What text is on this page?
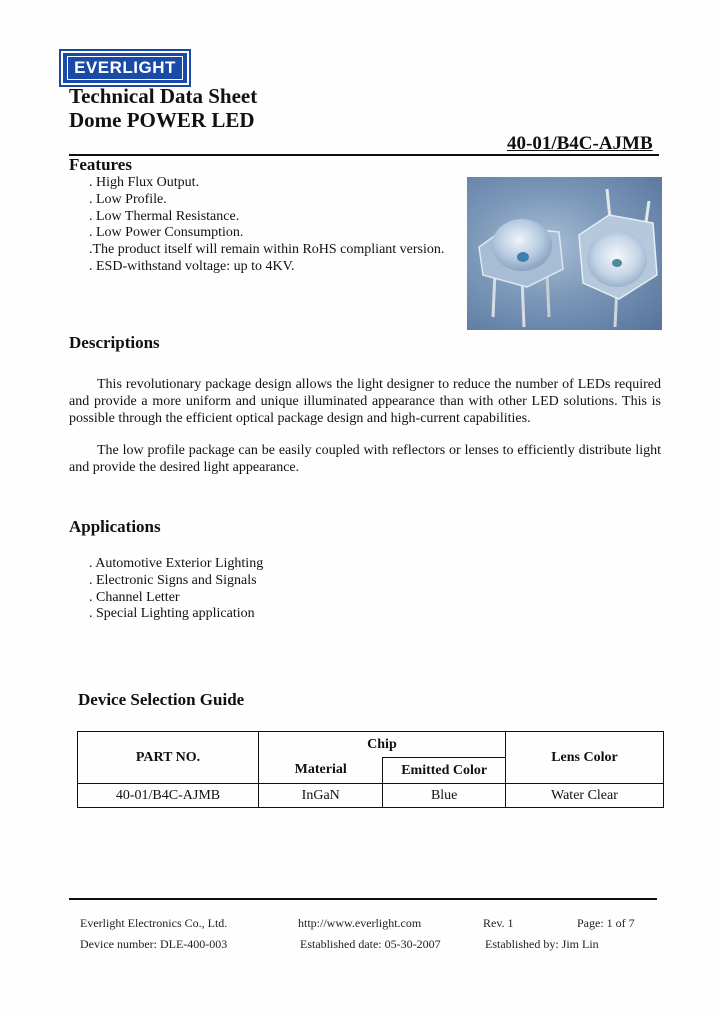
EVERLIGHT
Technical Data Sheet
Dome POWER LED
40-01/B4C-AJMB
Features
. High Flux Output.
. Low Profile.
. Low Thermal Resistance.
. Low Power Consumption.
.The product itself will remain within RoHS compliant version.
. ESD-withstand voltage: up to 4KV.
Descriptions

This revolutionary package design allows the light designer to reduce the number of LEDs required and provide a more uniform and unique illuminated appearance than with other LED solutions. This is possible through the efficient optical package design and high-current capabilities.

The low profile package can be easily coupled with reflectors or lenses to efficiently distribute light and provide the desired light appearance.

Applications
. Automotive Exterior Lighting
. Electronic Signs and Signals
. Channel Letter
. Special Lighting application
Device Selection Guide
PART NO.	Chip		Lens Color
	Material	Emitted Color	
40-01/B4C-AJMB	InGaN	Blue	Water Clear
Everlight Electronics Co., Ltd.	http://www.everlight.com	Rev. 1	Page: 1 of 7
Device number: DLE-400-003	Established date: 05-30-2007	Established by: Jim Lin
